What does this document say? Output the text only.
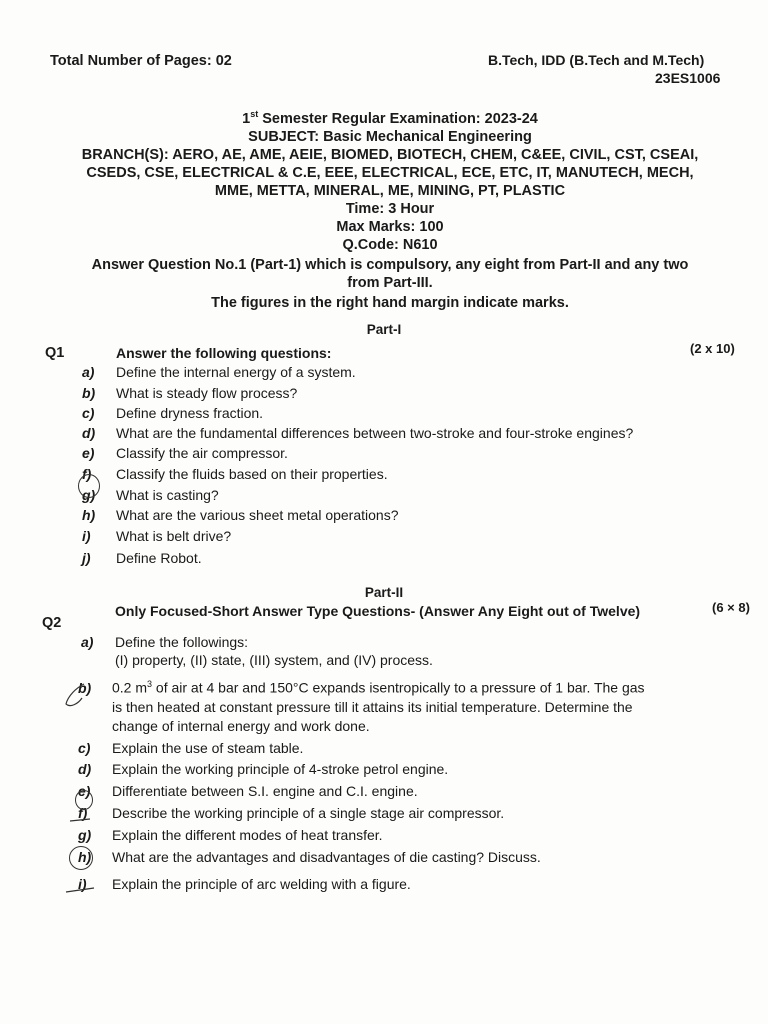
Total Number of Pages: 02	B.Tech, IDD (B.Tech and M.Tech)
23ES1006
1st Semester Regular Examination: 2023-24
SUBJECT: Basic Mechanical Engineering
BRANCH(S): AERO, AE, AME, AEIE, BIOMED, BIOTECH, CHEM, C&EE, CIVIL, CST, CSEAI,
CSEDS, CSE, ELECTRICAL & C.E, EEE, ELECTRICAL, ECE, ETC, IT, MANUTECH, MECH,
MME, METTA, MINERAL, ME, MINING, PT, PLASTIC
Time: 3 Hour
Max Marks: 100
Q.Code: N610
Answer Question No.1 (Part-1) which is compulsory, any eight from Part-II and any two
from Part-III.
The figures in the right hand margin indicate marks.
Part-I
Q1	Answer the following questions:	(2 x 10)
a)	Define the internal energy of a system.
b)	What is steady flow process?
c)	Define dryness fraction.
d)	What are the fundamental differences between two-stroke and four-stroke engines?
e)	Classify the air compressor.
f)	Classify the fluids based on their properties.
g)	What is casting?
h)	What are the various sheet metal operations?
i)	What is belt drive?
j)	Define Robot.
Part-II
Q2
Only Focused-Short Answer Type Questions- (Answer Any Eight out of Twelve)	(6 × 8)
a)	Define the followings:
(I) property, (II) state, (III) system, and (IV) process.
b)	0.2 $m^3$ of air at 4 bar and 150°C expands isentropically to a pressure of 1 bar. The gas
is then heated at constant pressure till it attains its initial temperature. Determine the
change of internal energy and work done.
c)	Explain the use of steam table.
d)	Explain the working principle of 4-stroke petrol engine.
e)	Differentiate between S.I. engine and C.I. engine.
f)	Describe the working principle of a single stage air compressor.
g)	Explain the different modes of heat transfer.
h)	What are the advantages and disadvantages of die casting? Discuss.
i)	Explain the principle of arc welding with a figure.
